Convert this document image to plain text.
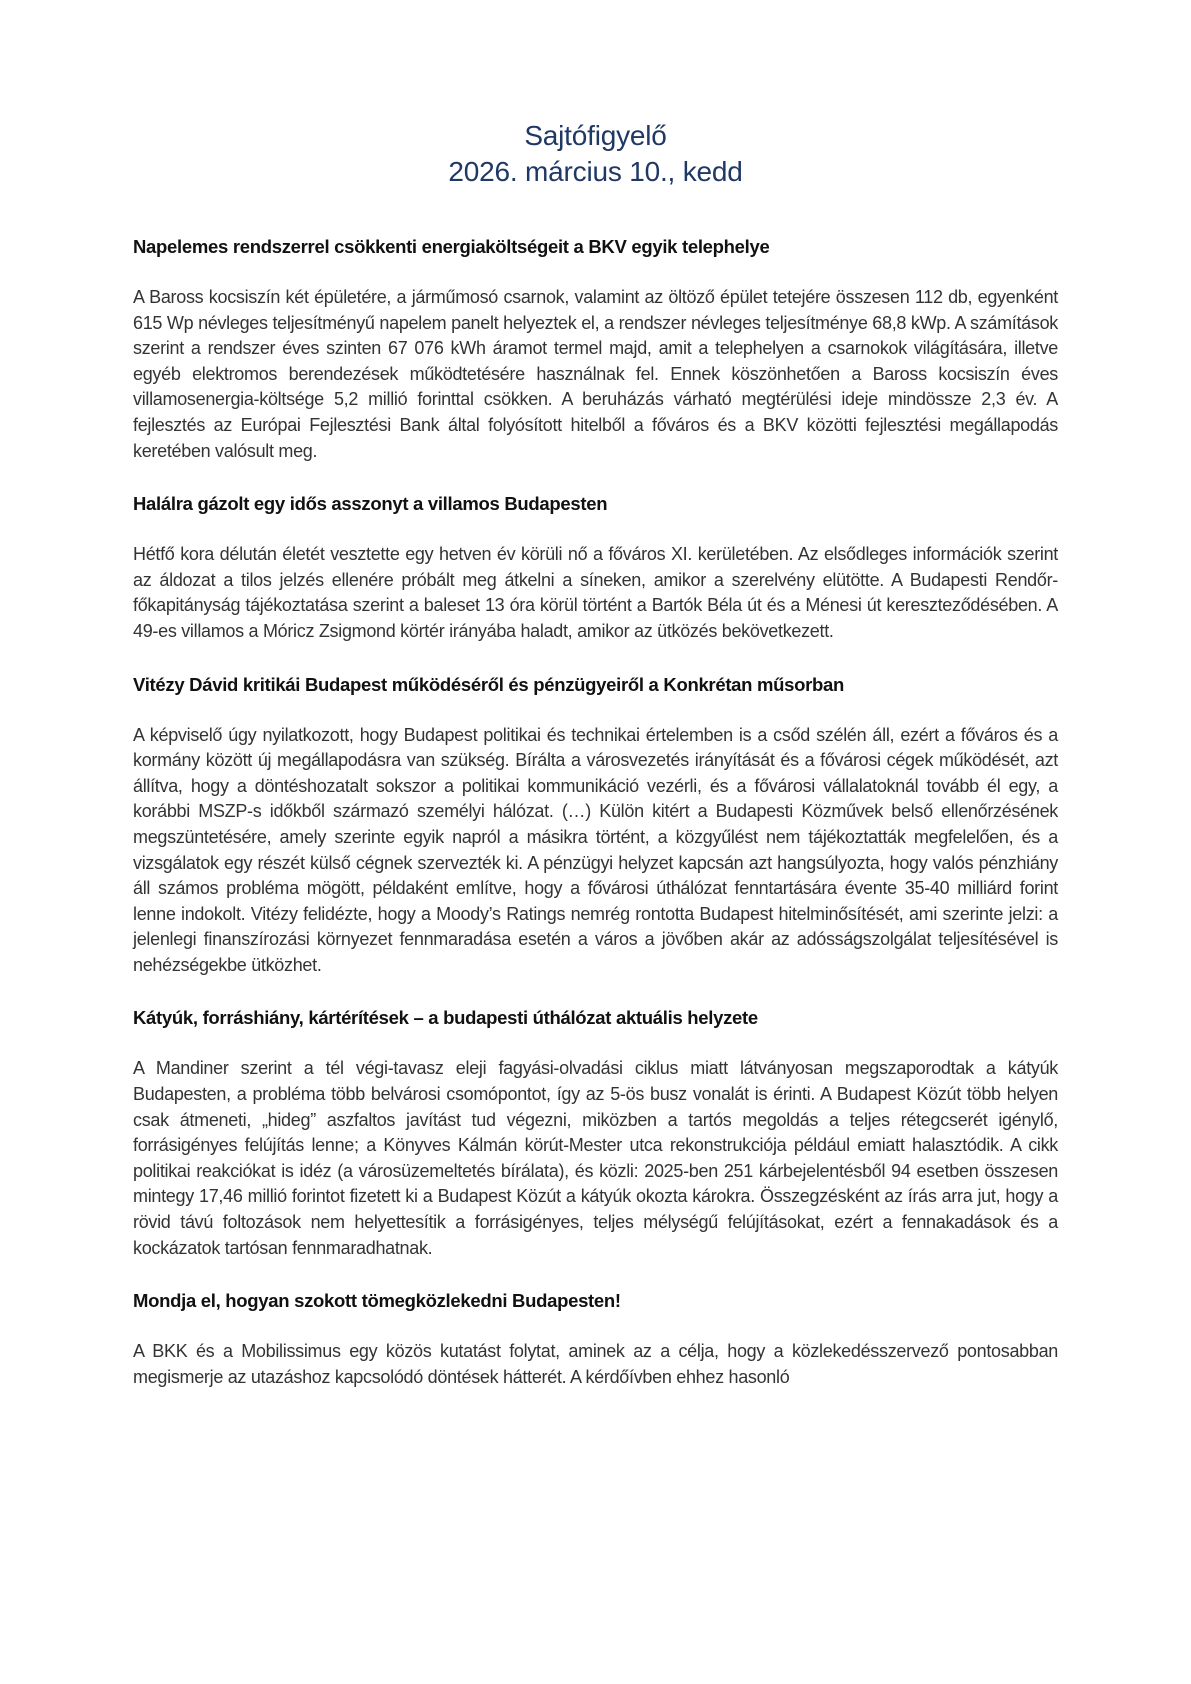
Sajtófigyelő
2026. március 10., kedd
Napelemes rendszerrel csökkenti energiaköltségeit a BKV egyik telephelye
A Baross kocsiszín két épületére, a járműmosó csarnok, valamint az öltöző épület tetejére összesen 112 db, egyenként 615 Wp névleges teljesítményű napelem panelt helyeztek el, a rendszer névleges teljesítménye 68,8 kWp. A számítások szerint a rendszer éves szinten 67 076 kWh áramot termel majd, amit a telephelyen a csarnokok világítására, illetve egyéb elektromos berendezések működtetésére használnak fel. Ennek köszönhetően a Baross kocsiszín éves villamosenergia-költsége 5,2 millió forinttal csökken. A beruházás várható megtérülési ideje mindössze 2,3 év. A fejlesztés az Európai Fejlesztési Bank által folyósított hitelből a főváros és a BKV közötti fejlesztési megállapodás keretében valósult meg.
Halálra gázolt egy idős asszonyt a villamos Budapesten
Hétfő kora délután életét vesztette egy hetven év körüli nő a főváros XI. kerületében. Az elsődleges információk szerint az áldozat a tilos jelzés ellenére próbált meg átkelni a síneken, amikor a szerelvény elütötte. A Budapesti Rendőr-főkapitányság tájékoztatása szerint a baleset 13 óra körül történt a Bartók Béla út és a Ménesi út kereszteződésében. A 49-es villamos a Móricz Zsigmond körtér irányába haladt, amikor az ütközés bekövetkezett.
Vitézy Dávid kritikái Budapest működéséről és pénzügyeiről a Konkrétan műsorban
A képviselő úgy nyilatkozott, hogy Budapest politikai és technikai értelemben is a csőd szélén áll, ezért a főváros és a kormány között új megállapodásra van szükség. Bírálta a városvezetés irányítását és a fővárosi cégek működését, azt állítva, hogy a döntéshozatalt sokszor a politikai kommunikáció vezérli, és a fővárosi vállalatoknál tovább él egy, a korábbi MSZP-s időkből származó személyi hálózat. (…) Külön kitért a Budapesti Közművek belső ellenőrzésének megszüntetésére, amely szerinte egyik napról a másikra történt, a közgyűlést nem tájékoztatták megfelelően, és a vizsgálatok egy részét külső cégnek szervezték ki. A pénzügyi helyzet kapcsán azt hangsúlyozta, hogy valós pénzhiány áll számos probléma mögött, példaként említve, hogy a fővárosi úthálózat fenntartására évente 35-40 milliárd forint lenne indokolt. Vitézy felidézte, hogy a Moody’s Ratings nemrég rontotta Budapest hitelminősítését, ami szerinte jelzi: a jelenlegi finanszírozási környezet fennmaradása esetén a város a jövőben akár az adósságszolgálat teljesítésével is nehézségekbe ütközhet.
Kátyúk, forráshiány, kártérítések – a budapesti úthálózat aktuális helyzete
A Mandiner szerint a tél végi-tavasz eleji fagyási-olvadási ciklus miatt látványosan megszaporodtak a kátyúk Budapesten, a probléma több belvárosi csomópontot, így az 5-ös busz vonalát is érinti. A Budapest Közút több helyen csak átmeneti, „hideg” aszfaltos javítást tud végezni, miközben a tartós megoldás a teljes rétegcserét igénylő, forrásigényes felújítás lenne; a Könyves Kálmán körút-Mester utca rekonstrukciója például emiatt halasztódik. A cikk politikai reakciókat is idéz (a városüzemeltetés bírálata), és közli: 2025-ben 251 kárbejelentésből 94 esetben összesen mintegy 17,46 millió forintot fizetett ki a Budapest Közút a kátyúk okozta károkra. Összegzésként az írás arra jut, hogy a rövid távú foltozások nem helyettesítik a forrásigényes, teljes mélységű felújításokat, ezért a fennakadások és a kockázatok tartósan fennmaradhatnak.
Mondja el, hogyan szokott tömegközlekedni Budapesten!
A BKK és a Mobilissimus egy közös kutatást folytat, aminek az a célja, hogy a közlekedésszervező pontosabban megismerje az utazáshoz kapcsolódó döntések hátterét. A kérdőívben ehhez hasonló
